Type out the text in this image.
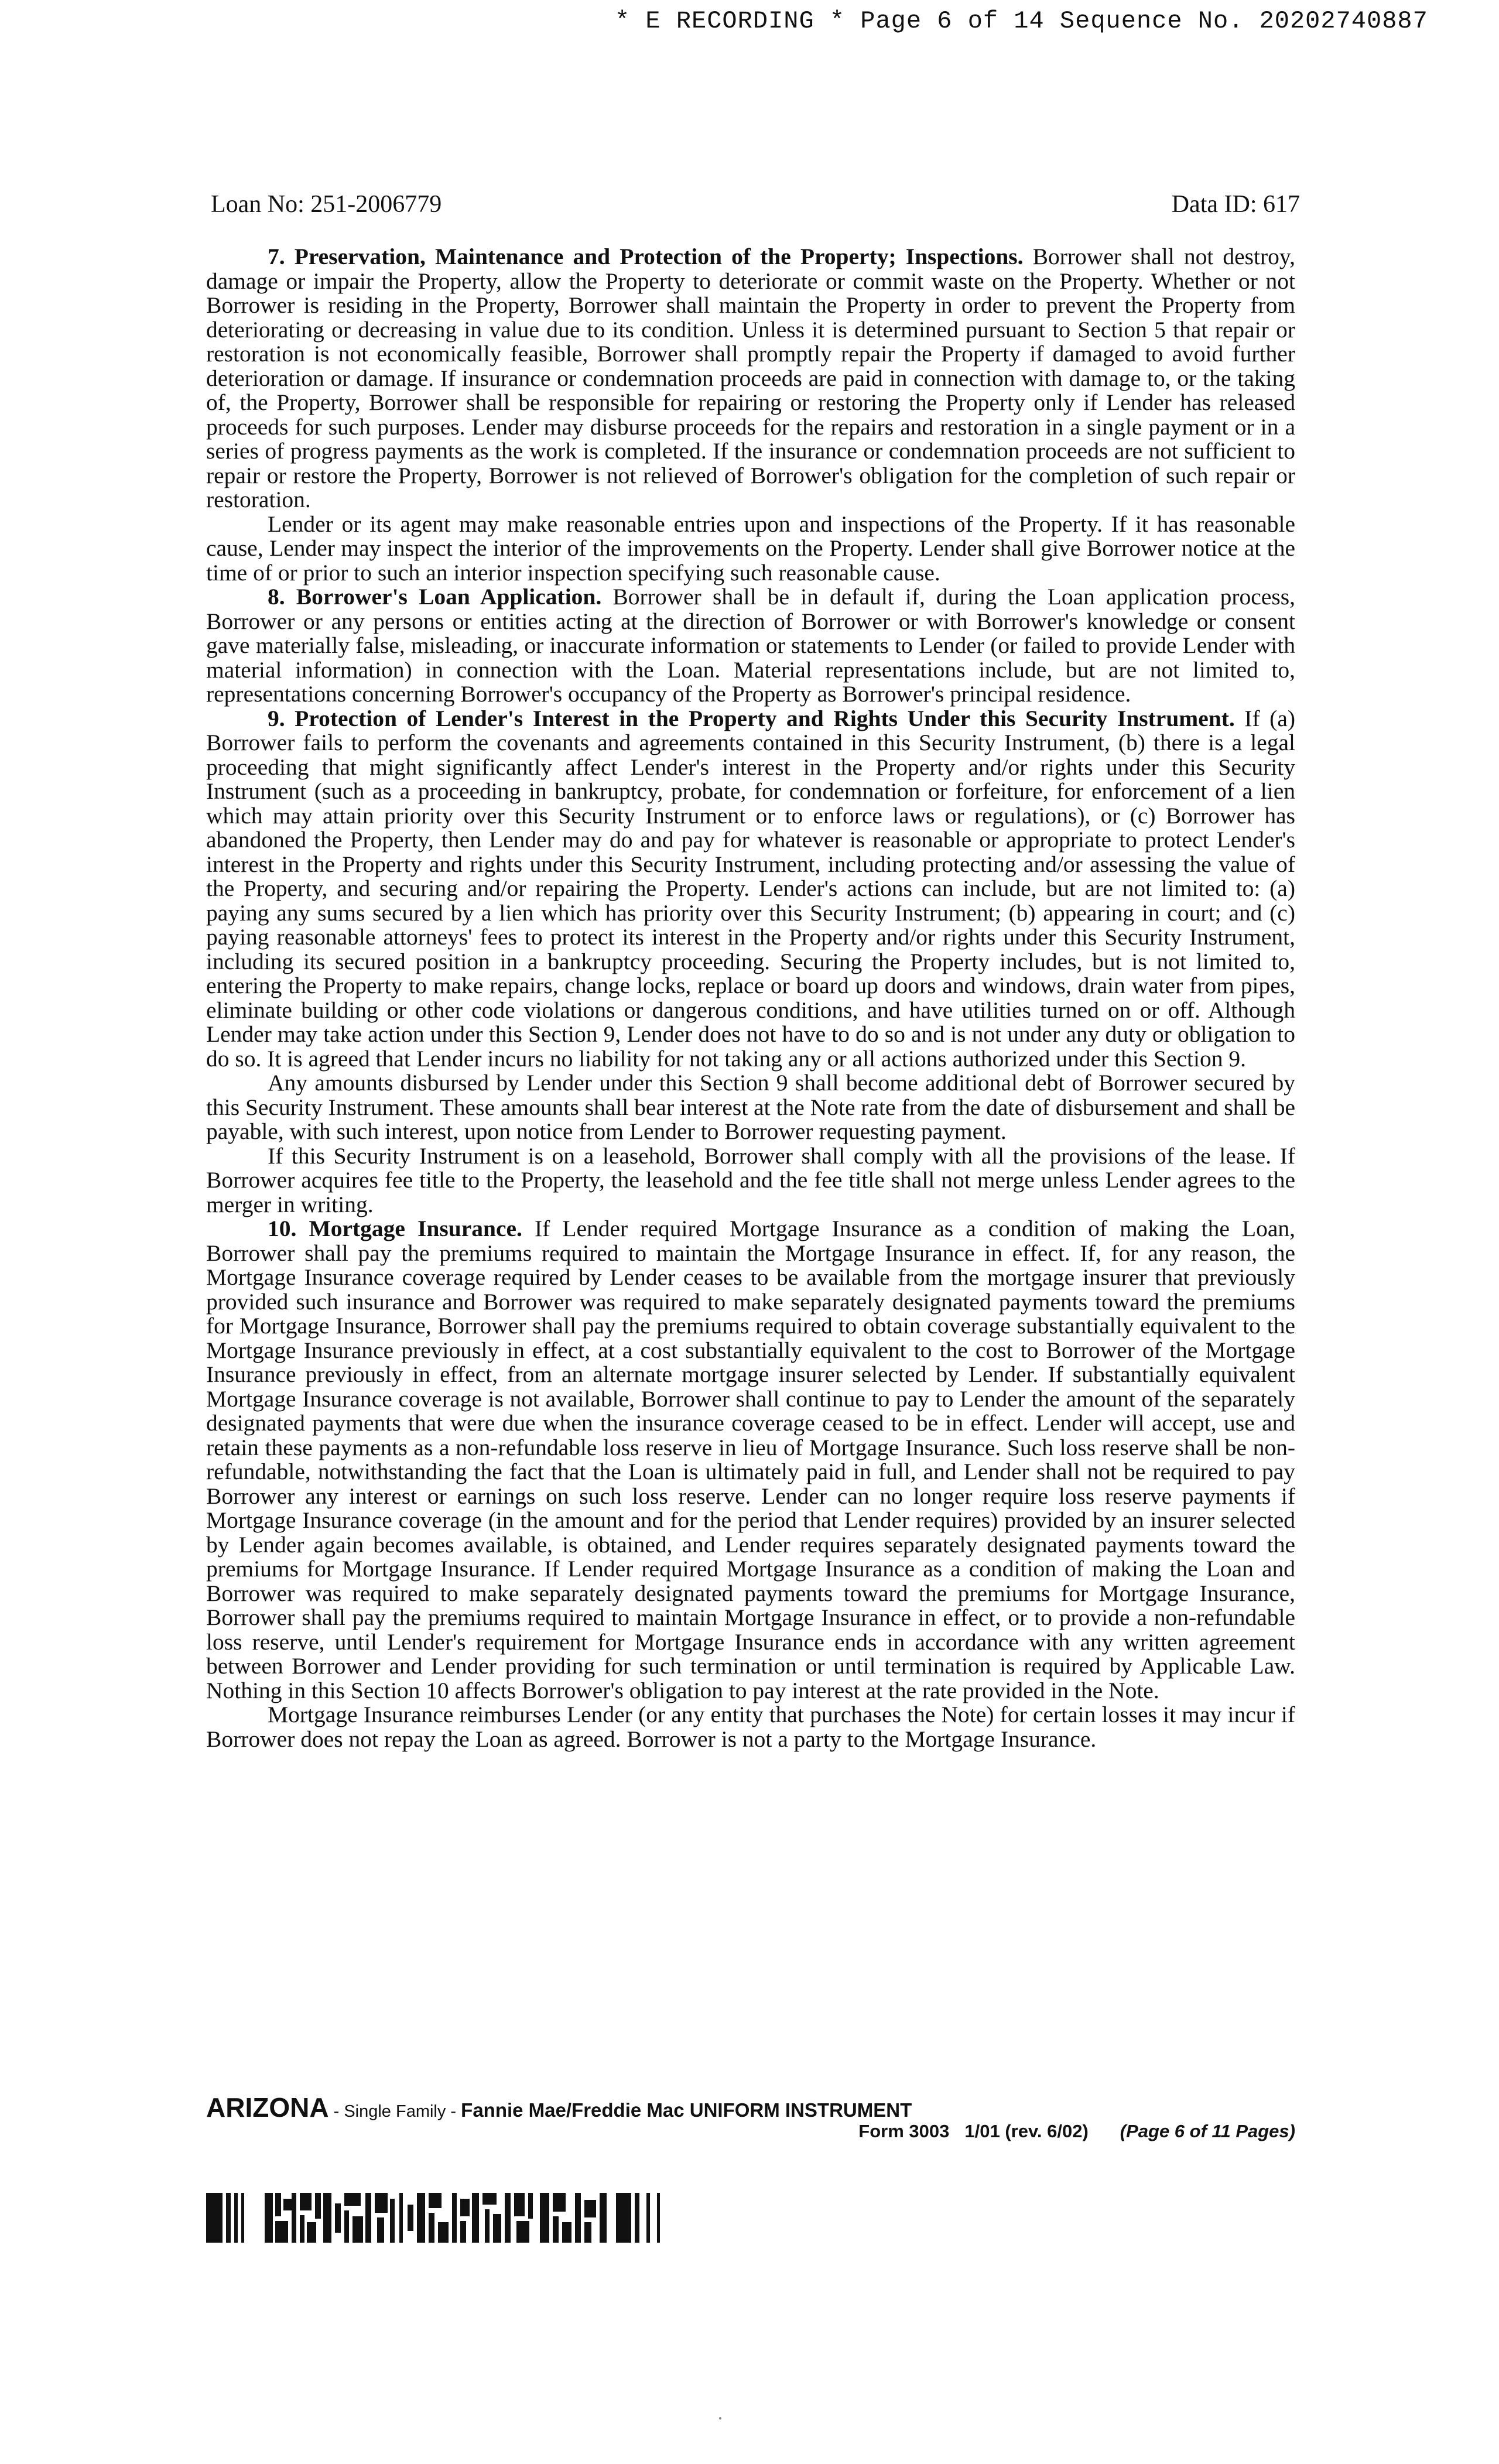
* E RECORDING * Page 6 of 14 Sequence No. 20202740887
Loan No: 251-2006779	Data ID: 617

7. Preservation, Maintenance and Protection of the Property; Inspections. Borrower shall not destroy, damage or impair the Property, allow the Property to deteriorate or commit waste on the Property. Whether or not Borrower is residing in the Property, Borrower shall maintain the Property in order to prevent the Property from deteriorating or decreasing in value due to its condition. Unless it is determined pursuant to Section 5 that repair or restoration is not economically feasible, Borrower shall promptly repair the Property if damaged to avoid further deterioration or damage. If insurance or condemnation proceeds are paid in connection with damage to, or the taking of, the Property, Borrower shall be responsible for repairing or restoring the Property only if Lender has released proceeds for such purposes. Lender may disburse proceeds for the repairs and restoration in a single payment or in a series of progress payments as the work is completed. If the insurance or condemnation proceeds are not sufficient to repair or restore the Property, Borrower is not relieved of Borrower's obligation for the completion of such repair or restoration.

Lender or its agent may make reasonable entries upon and inspections of the Property. If it has reasonable cause, Lender may inspect the interior of the improvements on the Property. Lender shall give Borrower notice at the time of or prior to such an interior inspection specifying such reasonable cause.

8. Borrower's Loan Application. Borrower shall be in default if, during the Loan application process, Borrower or any persons or entities acting at the direction of Borrower or with Borrower's knowledge or consent gave materially false, misleading, or inaccurate information or statements to Lender (or failed to provide Lender with material information) in connection with the Loan. Material representations include, but are not limited to, representations concerning Borrower's occupancy of the Property as Borrower's principal residence.

9. Protection of Lender's Interest in the Property and Rights Under this Security Instrument. If (a) Borrower fails to perform the covenants and agreements contained in this Security Instrument, (b) there is a legal proceeding that might significantly affect Lender's interest in the Property and/or rights under this Security Instrument (such as a proceeding in bankruptcy, probate, for condemnation or forfeiture, for enforcement of a lien which may attain priority over this Security Instrument or to enforce laws or regulations), or (c) Borrower has abandoned the Property, then Lender may do and pay for whatever is reasonable or appropriate to protect Lender's interest in the Property and rights under this Security Instrument, including protecting and/or assessing the value of the Property, and securing and/or repairing the Property. Lender's actions can include, but are not limited to: (a) paying any sums secured by a lien which has priority over this Security Instrument; (b) appearing in court; and (c) paying reasonable attorneys' fees to protect its interest in the Property and/or rights under this Security Instrument, including its secured position in a bankruptcy proceeding. Securing the Property includes, but is not limited to, entering the Property to make repairs, change locks, replace or board up doors and windows, drain water from pipes, eliminate building or other code violations or dangerous conditions, and have utilities turned on or off. Although Lender may take action under this Section 9, Lender does not have to do so and is not under any duty or obligation to do so. It is agreed that Lender incurs no liability for not taking any or all actions authorized under this Section 9.

Any amounts disbursed by Lender under this Section 9 shall become additional debt of Borrower secured by this Security Instrument. These amounts shall bear interest at the Note rate from the date of disbursement and shall be payable, with such interest, upon notice from Lender to Borrower requesting payment.

If this Security Instrument is on a leasehold, Borrower shall comply with all the provisions of the lease. If Borrower acquires fee title to the Property, the leasehold and the fee title shall not merge unless Lender agrees to the merger in writing.

10. Mortgage Insurance. If Lender required Mortgage Insurance as a condition of making the Loan, Borrower shall pay the premiums required to maintain the Mortgage Insurance in effect. If, for any reason, the Mortgage Insurance coverage required by Lender ceases to be available from the mortgage insurer that previously provided such insurance and Borrower was required to make separately designated payments toward the premiums for Mortgage Insurance, Borrower shall pay the premiums required to obtain coverage substantially equivalent to the Mortgage Insurance previously in effect, at a cost substantially equivalent to the cost to Borrower of the Mortgage Insurance previously in effect, from an alternate mortgage insurer selected by Lender. If substantially equivalent Mortgage Insurance coverage is not available, Borrower shall continue to pay to Lender the amount of the separately designated payments that were due when the insurance coverage ceased to be in effect. Lender will accept, use and retain these payments as a non-refundable loss reserve in lieu of Mortgage Insurance. Such loss reserve shall be non-refundable, notwithstanding the fact that the Loan is ultimately paid in full, and Lender shall not be required to pay Borrower any interest or earnings on such loss reserve. Lender can no longer require loss reserve payments if Mortgage Insurance coverage (in the amount and for the period that Lender requires) provided by an insurer selected by Lender again becomes available, is obtained, and Lender requires separately designated payments toward the premiums for Mortgage Insurance. If Lender required Mortgage Insurance as a condition of making the Loan and Borrower was required to make separately designated payments toward the premiums for Mortgage Insurance, Borrower shall pay the premiums required to maintain Mortgage Insurance in effect, or to provide a non-refundable loss reserve, until Lender's requirement for Mortgage Insurance ends in accordance with any written agreement between Borrower and Lender providing for such termination or until termination is required by Applicable Law. Nothing in this Section 10 affects Borrower's obligation to pay interest at the rate provided in the Note.

Mortgage Insurance reimburses Lender (or any entity that purchases the Note) for certain losses it may incur if Borrower does not repay the Loan as agreed. Borrower is not a party to the Mortgage Insurance.

ARIZONA - Single Family - Fannie Mae/Freddie Mac UNIFORM INSTRUMENT
Form 3003 1/01 (rev. 6/02) (Page 6 of 11 Pages)
